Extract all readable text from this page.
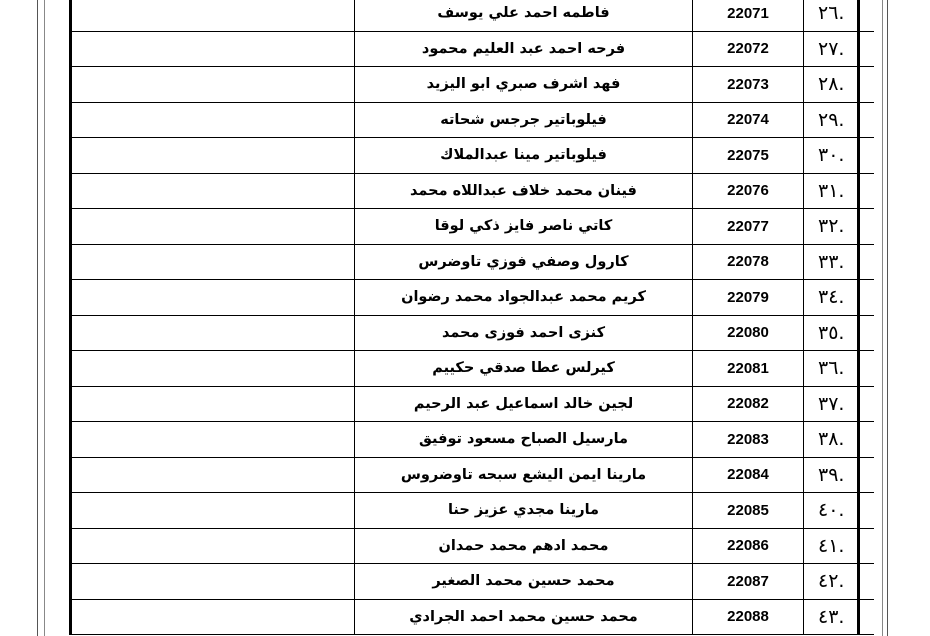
	فاطمه احمد علي يوسف	22071	٢٦.
	فرحه احمد عبد العليم محمود	22072	٢٧.
	فهد اشرف صبري ابو اليزيد	22073	٢٨.
	فيلوباتير جرجس شحاته	22074	٢٩.
	فيلوباتير مينا عبدالملاك	22075	٣٠.
	فينان محمد خلاف عبداللاه محمد	22076	٣١.
	كاتي ناصر فايز ذكي لوقا	22077	٣٢.
	كارول وصفي فوزي تاوضرس	22078	٣٣.
	كريم محمد عبدالجواد محمد رضوان	22079	٣٤.
	كنزى احمد فوزى محمد	22080	٣٥.
	كيرلس عطا صدقي حكييم	22081	٣٦.
	لجين خالد اسماعيل عبد الرحيم	22082	٣٧.
	مارسيل الصباح مسعود توفيق	22083	٣٨.
	مارينا ايمن اليشع سبحه تاوضروس	22084	٣٩.
	مارينا مجدي عزيز حنا	22085	٤٠.
	محمد ادهم محمد حمدان	22086	٤١.
	محمد حسين محمد الصغير	22087	٤٢.
	محمد حسين محمد احمد الجرادي	22088	٤٣.
